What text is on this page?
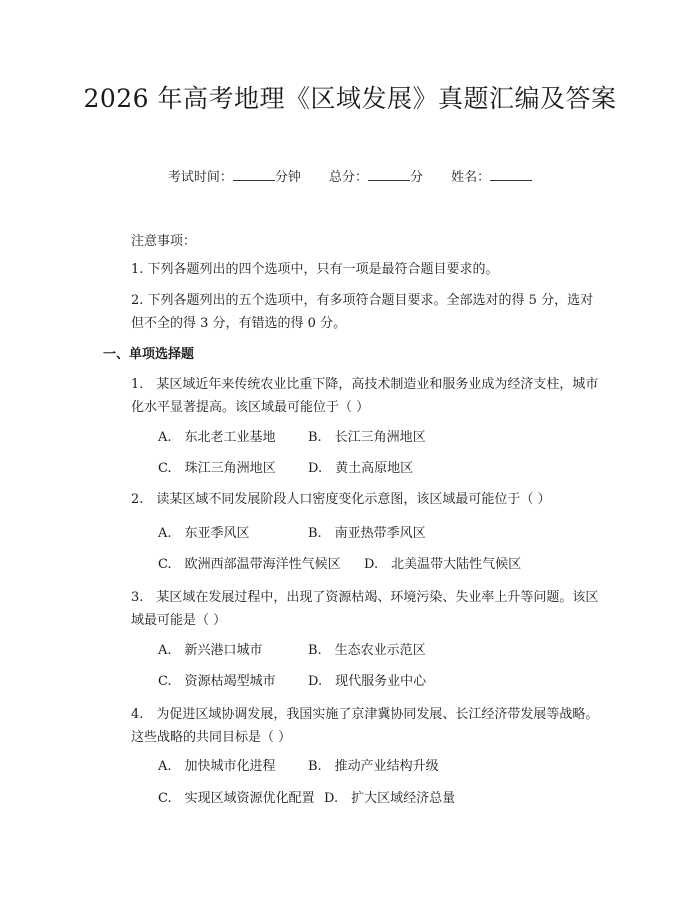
2026 年高考地理《区域发展》真题汇编及答案
考试时间：	分钟 总分：	分 姓名：
注意事项：
1. 下列各题列出的四个选项中，只有一项是最符合题目要求的。
2. 下列各题列出的五个选项中，有多项符合题目要求。全部选对的得 5 分，选对但不全的得 3 分，有错选的得 0 分。
一、单项选择题
1.　某区域近年来传统农业比重下降，高技术制造业和服务业成为经济支柱，城市化水平显著提高。该区域最可能位于（ ）
A.　东北老工业基地 B.　长江三角洲地区
C.　珠江三角洲地区 D.　黄土高原地区
2.　读某区域不同发展阶段人口密度变化示意图，该区域最可能位于（ ）
A.　东亚季风区	B.　南亚热带季风区
C.　欧洲西部温带海洋性气候区 D.　北美温带大陆性气候区
3.　某区域在发展过程中，出现了资源枯竭、环境污染、失业率上升等问题。该区域最可能是（ ）
A.　新兴港口城市	B.　生态农业示范区
C.　资源枯竭型城市 D.　现代服务业中心
4.　为促进区域协调发展，我国实施了京津冀协同发展、长江经济带发展等战略。这些战略的共同目标是（ ）
A.　加快城市化进程 B.　推动产业结构升级
C.　实现区域资源优化配置 D.　扩大区域经济总量
